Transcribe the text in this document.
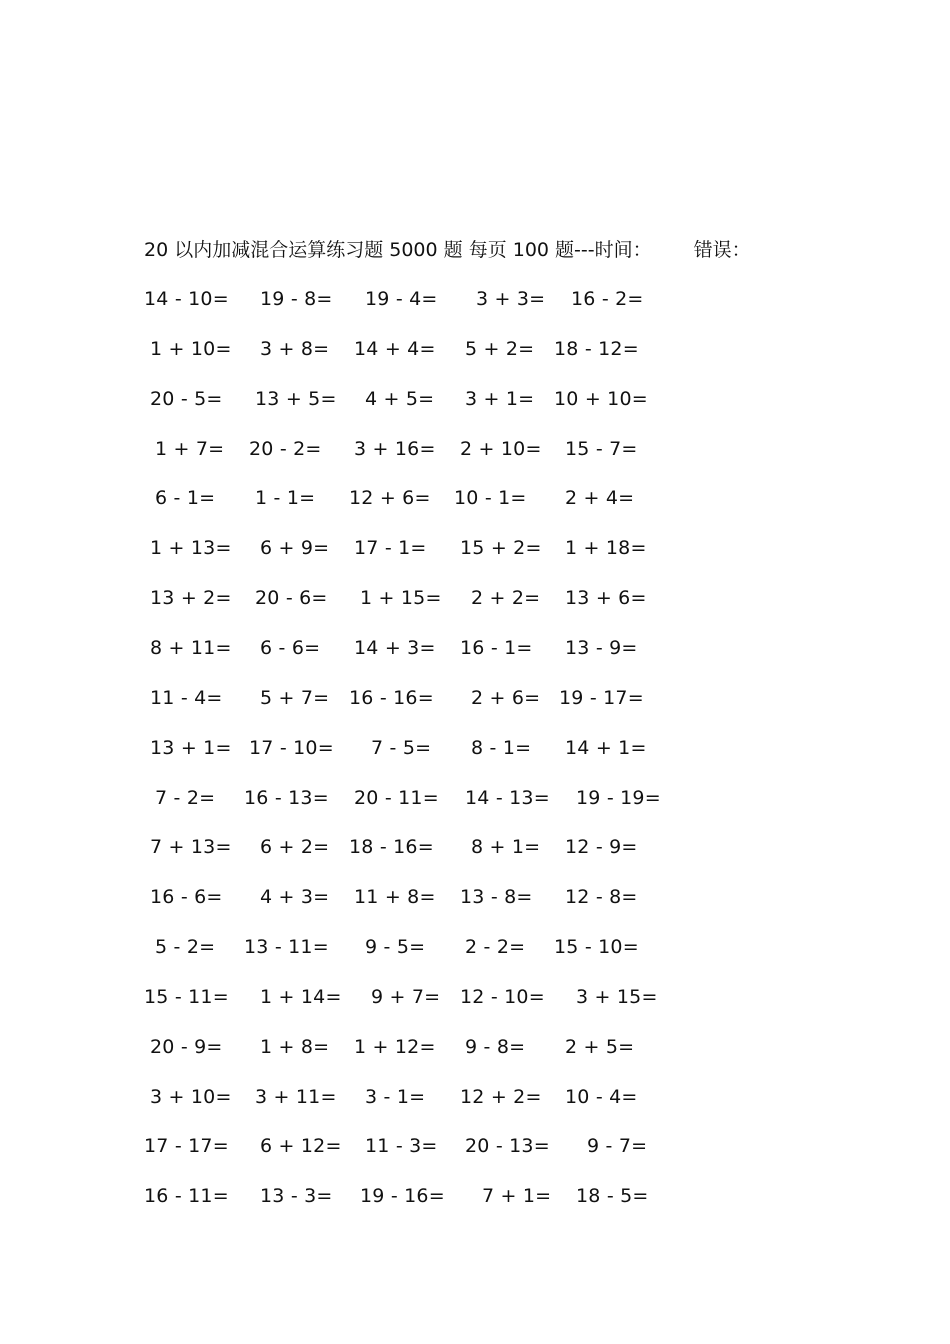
20 以内加减混合运算练习题 5000 题 每页 100 题---时间： 错误：
14 - 10= 19 - 8= 19 - 4= 3 + 3= 16 - 2=
1 + 10= 3 + 8= 14 + 4= 5 + 2= 18 - 12=
20 - 5= 13 + 5= 4 + 5= 3 + 1= 10 + 10=
1 + 7= 20 - 2= 3 + 16= 2 + 10= 15 - 7=
6 - 1= 1 - 1= 12 + 6= 10 - 1= 2 + 4=
1 + 13= 6 + 9= 17 - 1= 15 + 2= 1 + 18=
13 + 2= 20 - 6= 1 + 15= 2 + 2= 13 + 6=
8 + 11= 6 - 6= 14 + 3= 16 - 1= 13 - 9=
11 - 4= 5 + 7= 16 - 16= 2 + 6= 19 - 17=
13 + 1= 17 - 10= 7 - 5= 8 - 1= 14 + 1=
7 - 2= 16 - 13= 20 - 11= 14 - 13= 19 - 19=
7 + 13= 6 + 2= 18 - 16= 8 + 1= 12 - 9=
16 - 6= 4 + 3= 11 + 8= 13 - 8= 12 - 8=
5 - 2= 13 - 11= 9 - 5= 2 - 2= 15 - 10=
15 - 11= 1 + 14= 9 + 7= 12 - 10= 3 + 15=
20 - 9= 1 + 8= 1 + 12= 9 - 8= 2 + 5=
3 + 10= 3 + 11= 3 - 1= 12 + 2= 10 - 4=
17 - 17= 6 + 12= 11 - 3= 20 - 13= 9 - 7=
16 - 11= 13 - 3= 19 - 16= 7 + 1= 18 - 5=
